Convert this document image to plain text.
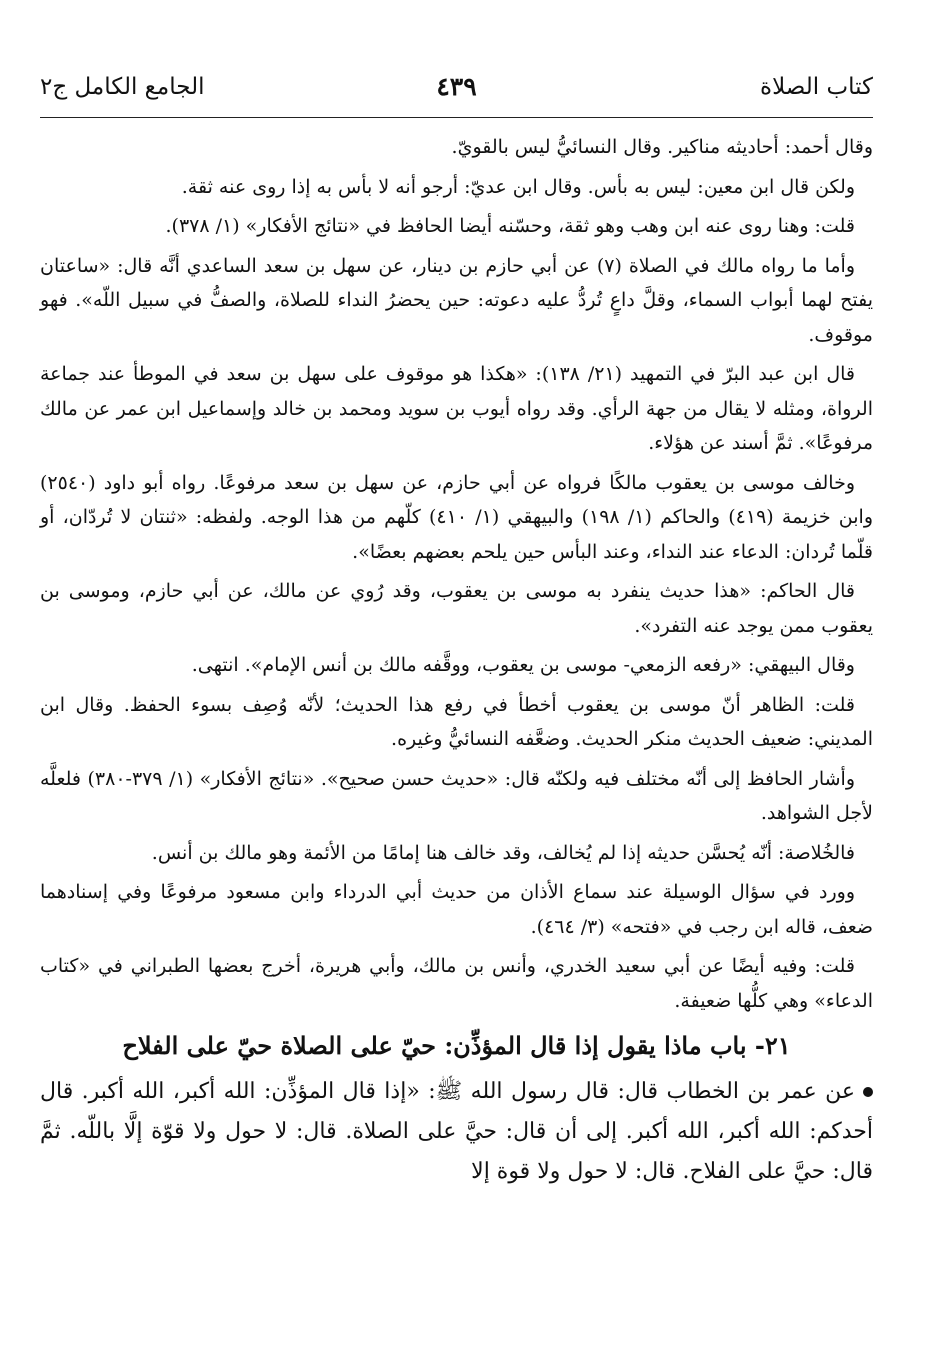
كتاب الصلاة
٤٣٩
الجامع الكامل ج٢

وقال أحمد: أحاديثه مناكير. وقال النسائيُّ ليس بالقويّ.

ولكن قال ابن معين: ليس به بأس. وقال ابن عديّ: أرجو أنه لا بأس به إذا روى عنه ثقة.

قلت: وهنا روى عنه ابن وهب وهو ثقة، وحسّنه أيضا الحافظ في «نتائج الأفكار» (١/ ٣٧٨).

وأما ما رواه مالك في الصلاة (٧) عن أبي حازم بن دينار، عن سهل بن سعد الساعدي أنَّه قال: «ساعتان يفتح لهما أبواب السماء، وقلَّ داعٍ تُردُّ عليه دعوته: حين يحضرُ النداء للصلاة، والصفُّ في سبيل اللّه». فهو موقوف.

قال ابن عبد البرّ في التمهيد (٢١/ ١٣٨): «هكذا هو موقوف على سهل بن سعد في الموطأ عند جماعة الرواة، ومثله لا يقال من جهة الرأي. وقد رواه أيوب بن سويد ومحمد بن خالد وإسماعيل ابن عمر عن مالك مرفوعًا». ثمَّ أسند عن هؤلاء.

وخالف موسى بن يعقوب مالكًا فرواه عن أبي حازم، عن سهل بن سعد مرفوعًا. رواه أبو داود (٢٥٤٠) وابن خزيمة (٤١٩) والحاكم (١/ ١٩٨) والبيهقي (١/ ٤١٠) كلّهم من هذا الوجه. ولفظه: «ثنتان لا تُردّان، أو قلّما تُردان: الدعاء عند النداء، وعند البأس حين يلحم بعضهم بعضًا».

قال الحاكم: «هذا حديث ينفرد به موسى بن يعقوب، وقد رُوي عن مالك، عن أبي حازم، وموسى بن يعقوب ممن يوجد عنه التفرد».

وقال البيهقي: «رفعه الزمعي- موسى بن يعقوب، ووقَّفه مالك بن أنس الإمام». انتهى.

قلت: الظاهر أنّ موسى بن يعقوب أخطأ في رفع هذا الحديث؛ لأنّه وُصِف بسوء الحفظ. وقال ابن المديني: ضعيف الحديث منكر الحديث. وضعَّفه النسائيُّ وغيره.

وأشار الحافظ إلى أنّه مختلف فيه ولكنّه قال: «حديث حسن صحيح». «نتائج الأفكار» (١/ ٣٧٩-٣٨٠) فلعلَّه لأجل الشواهد.

فالخُلاصة: أنّه يُحسَّن حديثه إذا لم يُخالف، وقد خالف هنا إمامًا من الأئمة وهو مالك بن أنس.

وورد في سؤال الوسيلة عند سماع الأذان من حديث أبي الدرداء وابن مسعود مرفوعًا وفي إسنادهما ضعف، قاله ابن رجب في «فتحه» (٣/ ٤٦٤).

قلت: وفيه أيضًا عن أبي سعيد الخدري، وأنس بن مالك، وأبي هريرة، أخرج بعضها الطبراني في «كتاب الدعاء» وهي كلُّها ضعيفة.

٢١- باب ماذا يقول إذا قال المؤذِّن: حيّ على الصلاة حيّ على الفلاح

عن عمر بن الخطاب قال: قال رسول الله ﷺ: «إذا قال المؤذِّن: الله أكبر، الله أكبر. قال أحدكم: الله أكبر، الله أكبر. إلى أن قال: حيَّ على الصلاة. قال: لا حول ولا قوّة إلَّا باللّه. ثمَّ قال: حيَّ على الفلاح. قال: لا حول ولا قوة إلا
